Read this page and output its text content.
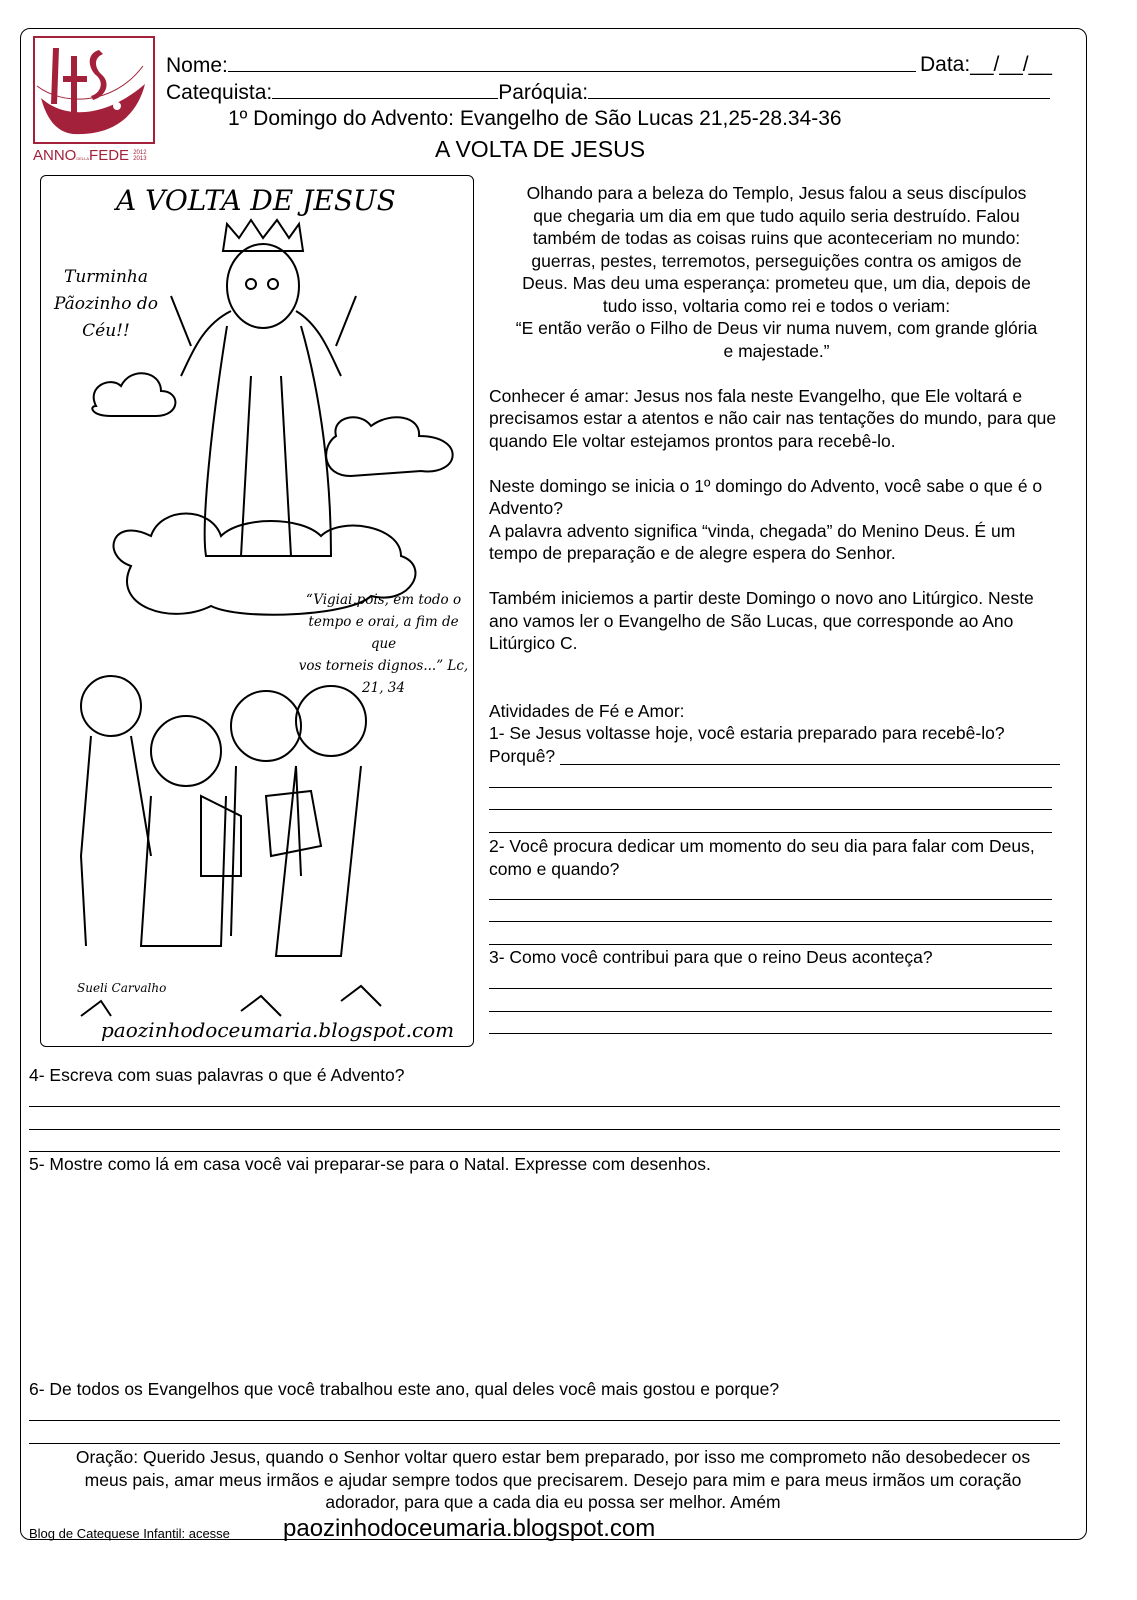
ANNODELLAFEDE 2012
2013
Nome:	Data:__/__/__
Catequista:	Paróquia:
1º Domingo do Advento: Evangelho de São Lucas 21,25-28.34-36
A VOLTA DE JESUS
A VOLTA DE JESUS
Turminha
Pãozinho do
Céu!!
“Vigiai,pois, em todo o
tempo e orai, a fim de que
vos torneis dignos...” Lc,
21, 34
Sueli Carvalho
paozinhodoceumaria.blogspot.com
Olhando para a beleza do Templo, Jesus falou a seus discípulos
que chegaria um dia em que tudo aquilo seria destruído. Falou
também de todas as coisas ruins que aconteceriam no mundo:
guerras, pestes, terremotos, perseguições contra os amigos de
Deus. Mas deu uma esperança: prometeu que, um dia, depois de
tudo isso, voltaria como rei e todos o veriam:
“E então verão o Filho de Deus vir numa nuvem, com grande glória
e majestade.”

Conhecer é amar: Jesus nos fala neste Evangelho, que Ele voltará e precisamos estar a atentos e não cair nas tentações do mundo, para que quando Ele voltar estejamos prontos para recebê-lo.

Neste domingo se inicia o 1º domingo do Advento, você sabe o que é o Advento?

A palavra advento significa “vinda, chegada” do Menino Deus. É um tempo de preparação e de alegre espera do Senhor.

Também iniciemos a partir deste Domingo o novo ano Litúrgico. Neste ano vamos ler o Evangelho de São Lucas, que corresponde ao Ano Litúrgico C.

Atividades de Fé e Amor:

1- Se Jesus voltasse hoje, você estaria preparado para recebê-lo?

Porquê?

2- Você procura dedicar um momento do seu dia para falar com Deus, como e quando?
3- Como você contribui para que o reino Deus aconteça?
4- Escreva com suas palavras o que é Advento?
5- Mostre como lá em casa você vai preparar-se para o Natal. Expresse com desenhos.
6- De todos os Evangelhos que você trabalhou este ano, qual deles você mais gostou e porque?
Oração: Querido Jesus, quando o Senhor voltar quero estar bem preparado, por isso me comprometo não desobedecer os
meus pais, amar meus irmãos e ajudar sempre todos que precisarem. Desejo para mim e para meus irmãos um coração
adorador, para que a cada dia eu possa ser melhor. Amém
Blog de Catequese Infantil: acesse paozinhodoceumaria.blogspot.com
